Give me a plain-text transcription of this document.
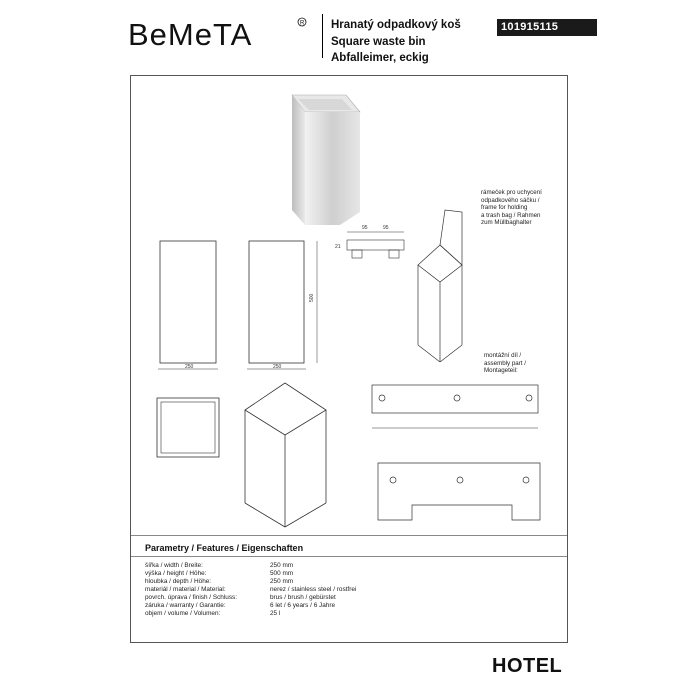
BeMeTA	R Hranatý odpadkový koš
Square waste bin
Abfalleimer, eckig
101915115
250	250
500
95	95
21
rámeček pro uchycení
odpadkového sáčku /
frame for holding
a trash bag / Rahmen
zum Müllbaghalter
montážní díl /
assembly part /
Montageteil:
Parametry / Features / Eigenschaften
šířka / width / Breite:	250 mm
výška / height / Höhe:	500 mm
hloubka / depth / Höhe:	250 mm
materiál / material / Material:	nerez / stainless steel / rostfrei
povrch. úprava / finish / Schluss:	brus / brush / gebürstet
záruka / warranty / Garantie:	6 let / 6 years / 6 Jahre
objem / volume / Volumen:	25 l
HOTEL
